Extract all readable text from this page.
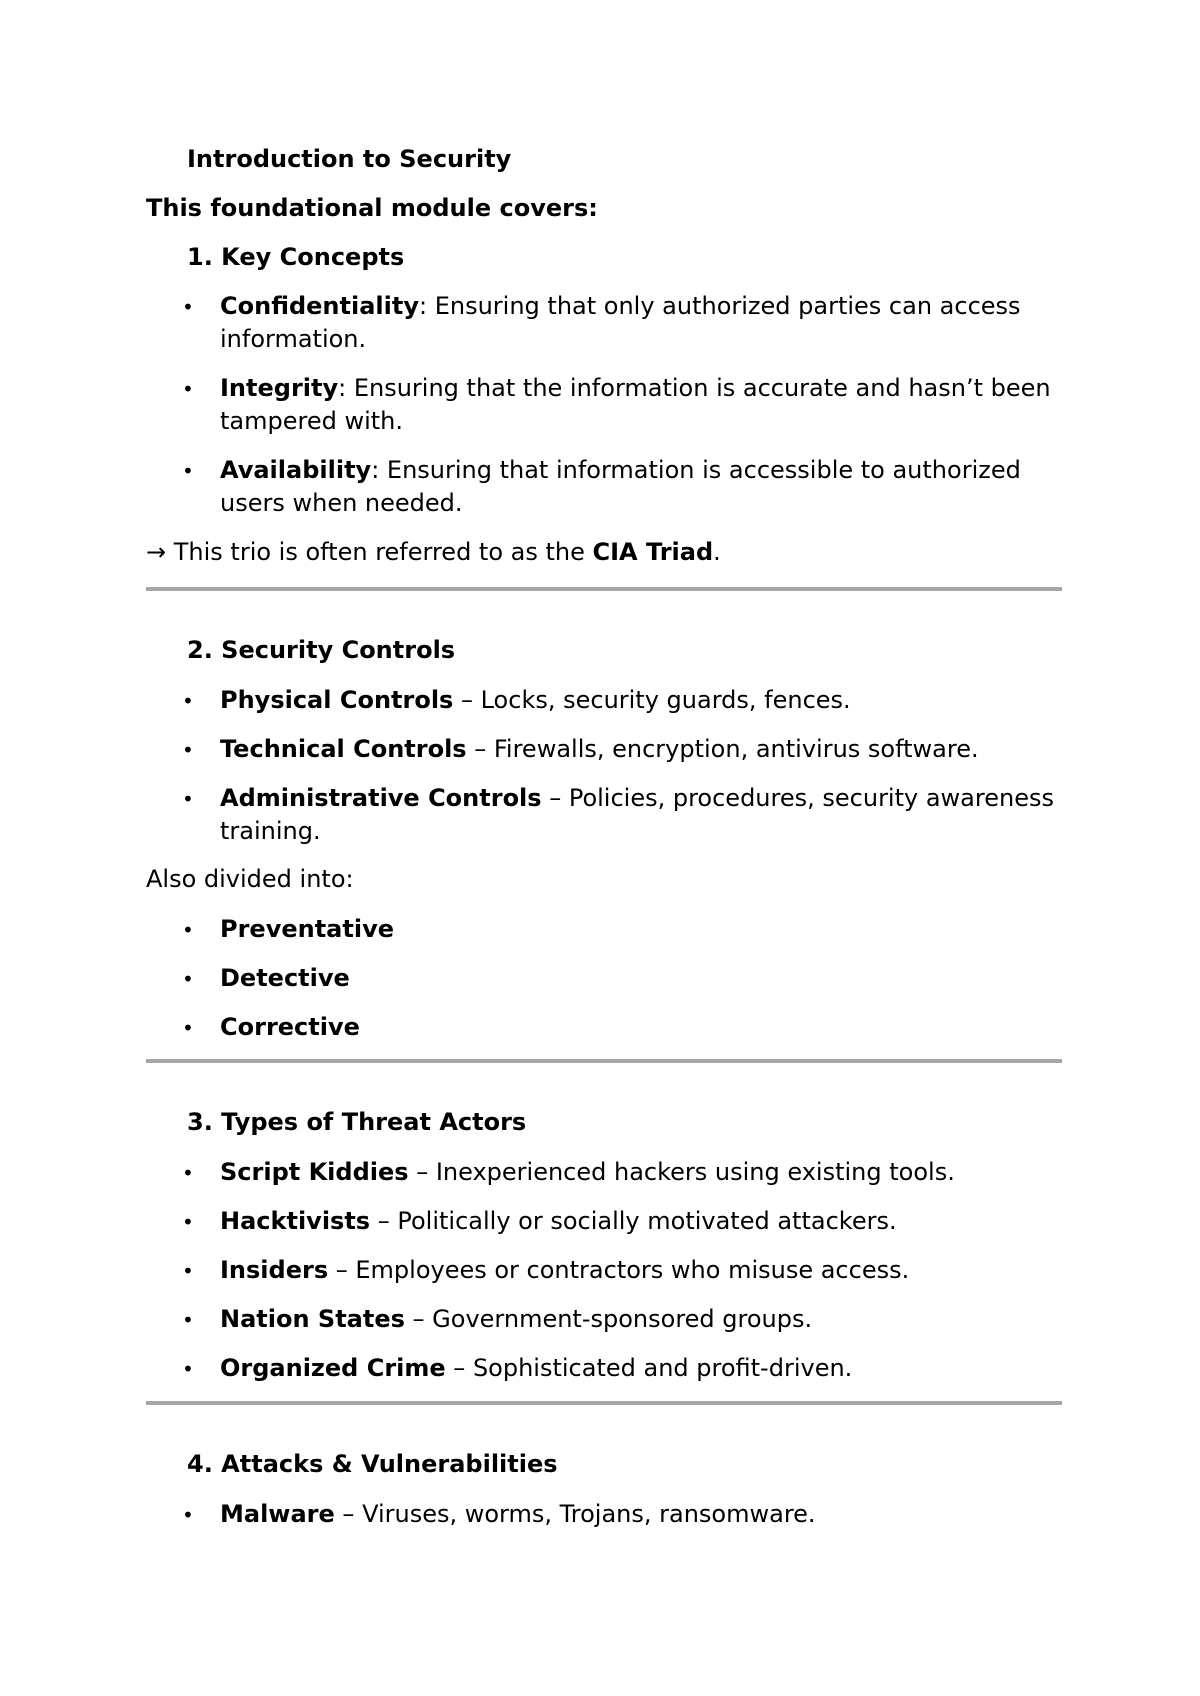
Introduction to Security
This foundational module covers:
1. Key Concepts
• Confidentiality: Ensuring that only authorized parties can access information.
• Integrity: Ensuring that the information is accurate and hasn’t been tampered with.
• Availability: Ensuring that information is accessible to authorized users when needed.
→ This trio is often referred to as the CIA Triad.
2. Security Controls
• Physical Controls – Locks, security guards, fences.
• Technical Controls – Firewalls, encryption, antivirus software.
• Administrative Controls – Policies, procedures, security awareness training.
Also divided into:
• Preventative
• Detective
• Corrective
3. Types of Threat Actors
• Script Kiddies – Inexperienced hackers using existing tools.
• Hacktivists – Politically or socially motivated attackers.
• Insiders – Employees or contractors who misuse access.
• Nation States – Government-sponsored groups.
• Organized Crime – Sophisticated and profit-driven.
4. Attacks & Vulnerabilities
• Malware – Viruses, worms, Trojans, ransomware.
